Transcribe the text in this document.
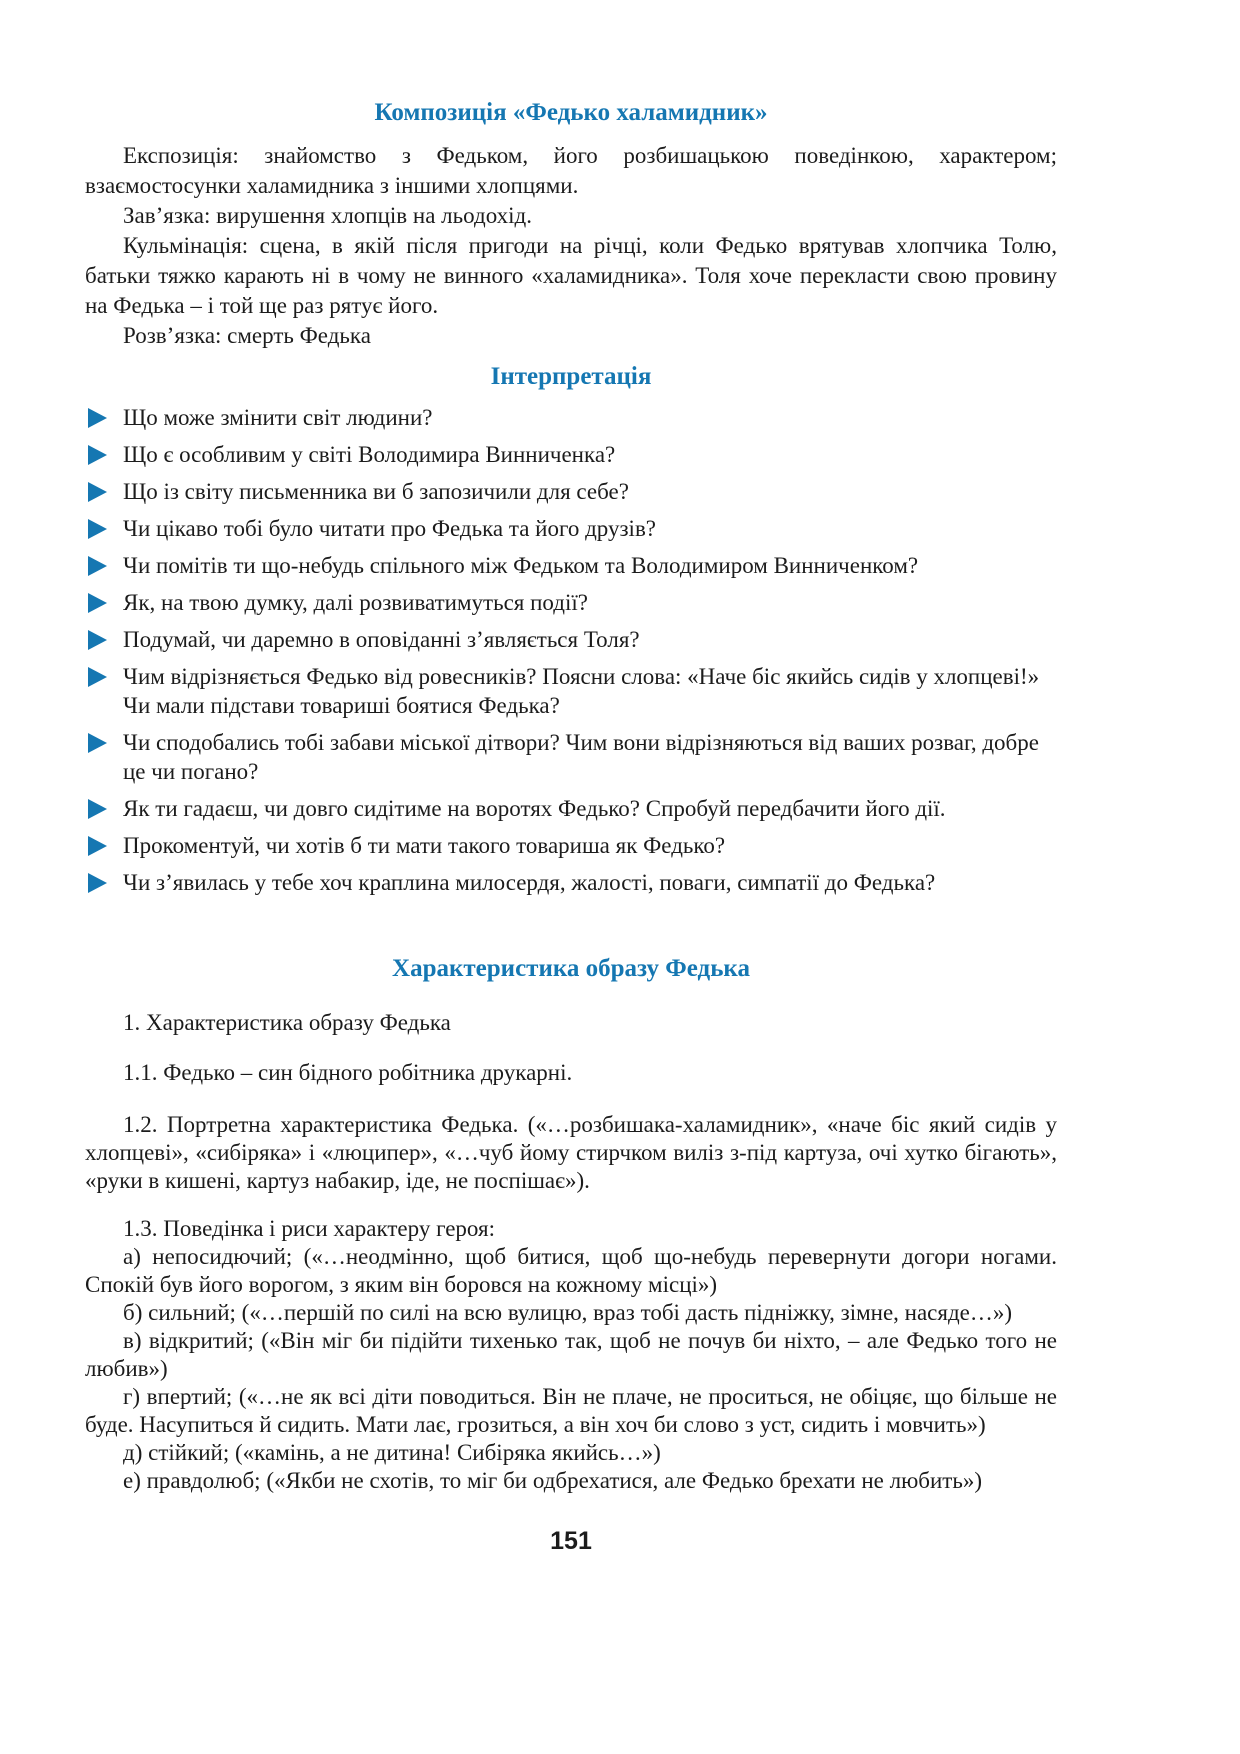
Композиція «Федько халамидник»

Експозиція: знайомство з Федьком, його розбишацькою поведінкою, характером; взаємостосунки халамидника з іншими хлопцями.

Зав’язка: вирушення хлопців на льодохід.

Кульмінація: сцена, в якій після пригоди на річці, коли Федько врятував хлопчика Толю, батьки тяжко карають ні в чому не винного «халамидника». Толя хоче перекласти свою провину на Федька – і той ще раз рятує його.

Розв’язка: смерть Федька

Інтерпретація
Що може змінити світ людини?
Що є особливим у світі Володимира Винниченка?
Що із світу письменника ви б запозичили для себе?
Чи цікаво тобі було читати про Федька та його друзів?
Чи помітів ти що-небудь спільного між Федьком та Володимиром Винниченком?
Як, на твою думку, далі розвиватимуться події?
Подумай, чи даремно в оповіданні з’являється Толя?
Чим відрізняється Федько від ровесників? Поясни слова: «Наче біс якийсь сидів у хлопцеві!» Чи мали підстави товариші боятися Федька?
Чи сподобались тобі забави міської дітвори? Чим вони відрізняються від ваших розваг, добре це чи погано?
Як ти гадаєш, чи довго сидітиме на воротях Федько? Спробуй передбачити його дії.
Прокоментуй, чи хотів б ти мати такого товариша як Федько?
Чи з’явилась у тебе хоч краплина милосердя, жалості, поваги, симпатії до Федька?
Характеристика образу Федька

1. Характеристика образу Федька

1.1. Федько – син бідного робітника друкарні.

1.2. Портретна характеристика Федька. («…розбишака-халамидник», «наче біс який сидів у хлопцеві», «сибіряка» і «люципер», «…чуб йому стирчком виліз з-під картуза, очі хутко бігають», «руки в кишені, картуз набакир, іде, не поспішає»).

1.3. Поведінка і риси характеру героя:

а) непосидючий; («…неодмінно, щоб битися, щоб що-небудь перевернути догори ногами. Спокій був його ворогом, з яким він боровся на кожному місці»)

б) сильний; («…першій по силі на всю вулицю, враз тобі дасть підніжку, зімне, насяде…»)

в) відкритий; («Він міг би підійти тихенько так, щоб не почув би ніхто, – але Федько того не любив»)

г) впертий; («…не як всі діти поводиться. Він не плаче, не проситься, не обіцяє, що більше не буде. Насупиться й сидить. Мати лає, грозиться, а він хоч би слово з уст, сидить і мовчить»)

д) стійкий; («камінь, а не дитина! Сибіряка якийсь…»)

е) правдолюб; («Якби не схотів, то міг би одбрехатися, але Федько брехати не любить»)

151
